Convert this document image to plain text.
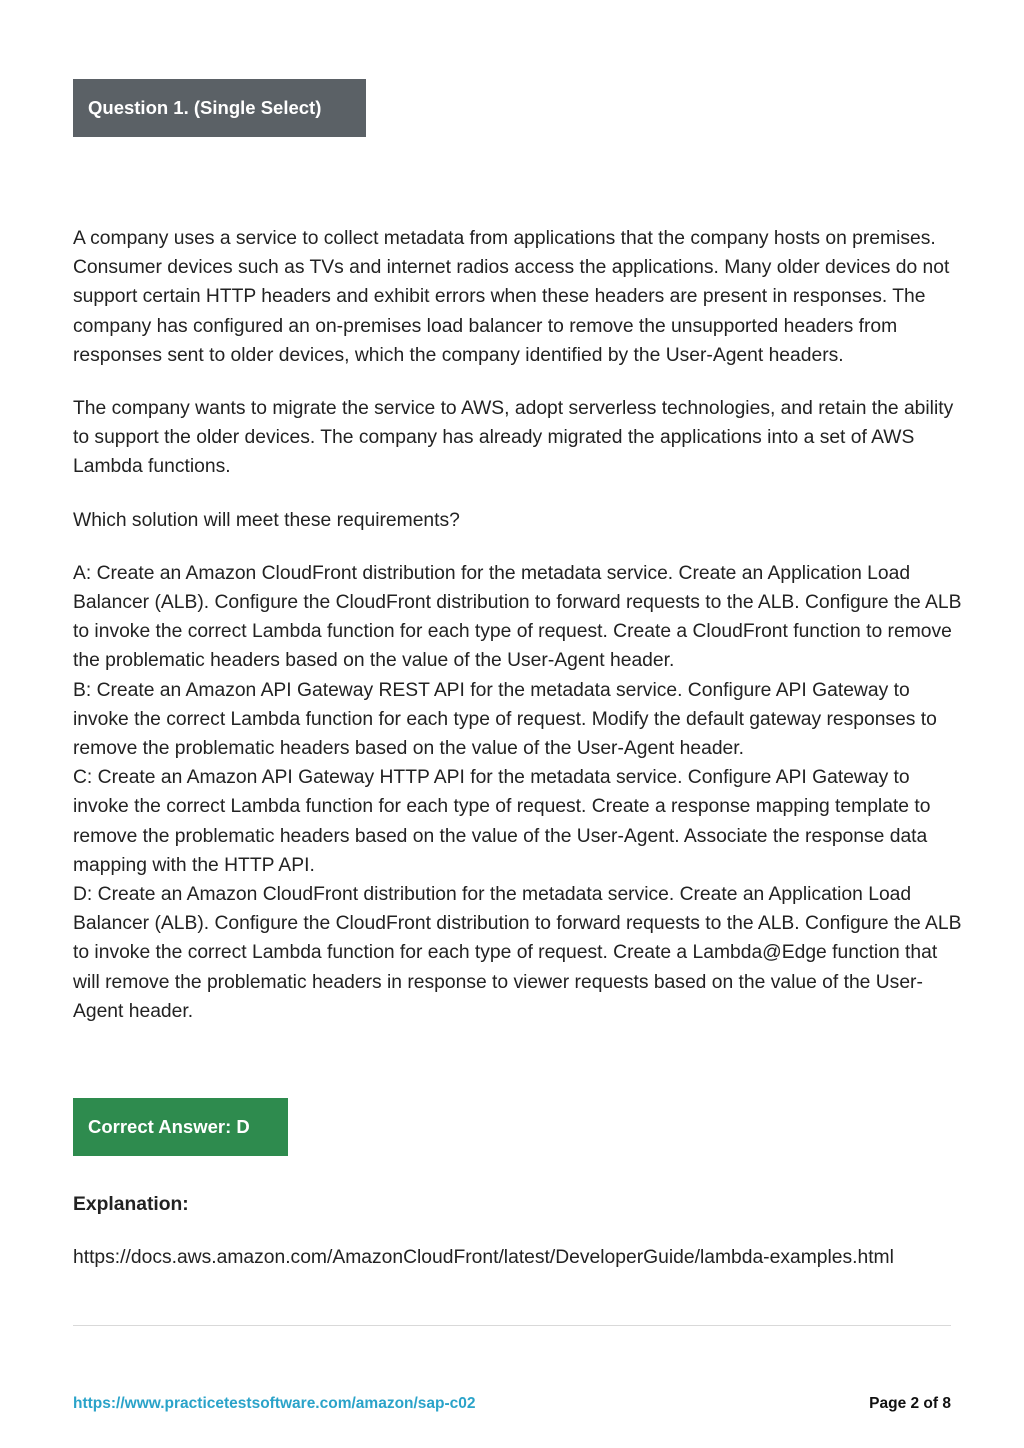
Question 1. (Single Select)

A company uses a service to collect metadata from applications that the company hosts on premises. Consumer devices such as TVs and internet radios access the applications. Many older devices do not support certain HTTP headers and exhibit errors when these headers are present in responses. The company has configured an on-premises load balancer to remove the unsupported headers from responses sent to older devices, which the company identified by the User-Agent headers.

The company wants to migrate the service to AWS, adopt serverless technologies, and retain the ability to support the older devices. The company has already migrated the applications into a set of AWS Lambda functions.

Which solution will meet these requirements?

A: Create an Amazon CloudFront distribution for the metadata service. Create an Application Load Balancer (ALB). Configure the CloudFront distribution to forward requests to the ALB. Configure the ALB to invoke the correct Lambda function for each type of request. Create a CloudFront function to remove the problematic headers based on the value of the User-Agent header.
B: Create an Amazon API Gateway REST API for the metadata service. Configure API Gateway to invoke the correct Lambda function for each type of request. Modify the default gateway responses to remove the problematic headers based on the value of the User-Agent header.
C: Create an Amazon API Gateway HTTP API for the metadata service. Configure API Gateway to invoke the correct Lambda function for each type of request. Create a response mapping template to remove the problematic headers based on the value of the User-Agent. Associate the response data mapping with the HTTP API.
D: Create an Amazon CloudFront distribution for the metadata service. Create an Application Load Balancer (ALB). Configure the CloudFront distribution to forward requests to the ALB. Configure the ALB to invoke the correct Lambda function for each type of request. Create a Lambda@Edge function that will remove the problematic headers in response to viewer requests based on the value of the User-Agent header.
Correct Answer: D
Explanation:
https://docs.aws.amazon.com/AmazonCloudFront/latest/DeveloperGuide/lambda-examples.html
https://www.practicetestsoftware.com/amazon/sap-c02	Page 2 of 8
